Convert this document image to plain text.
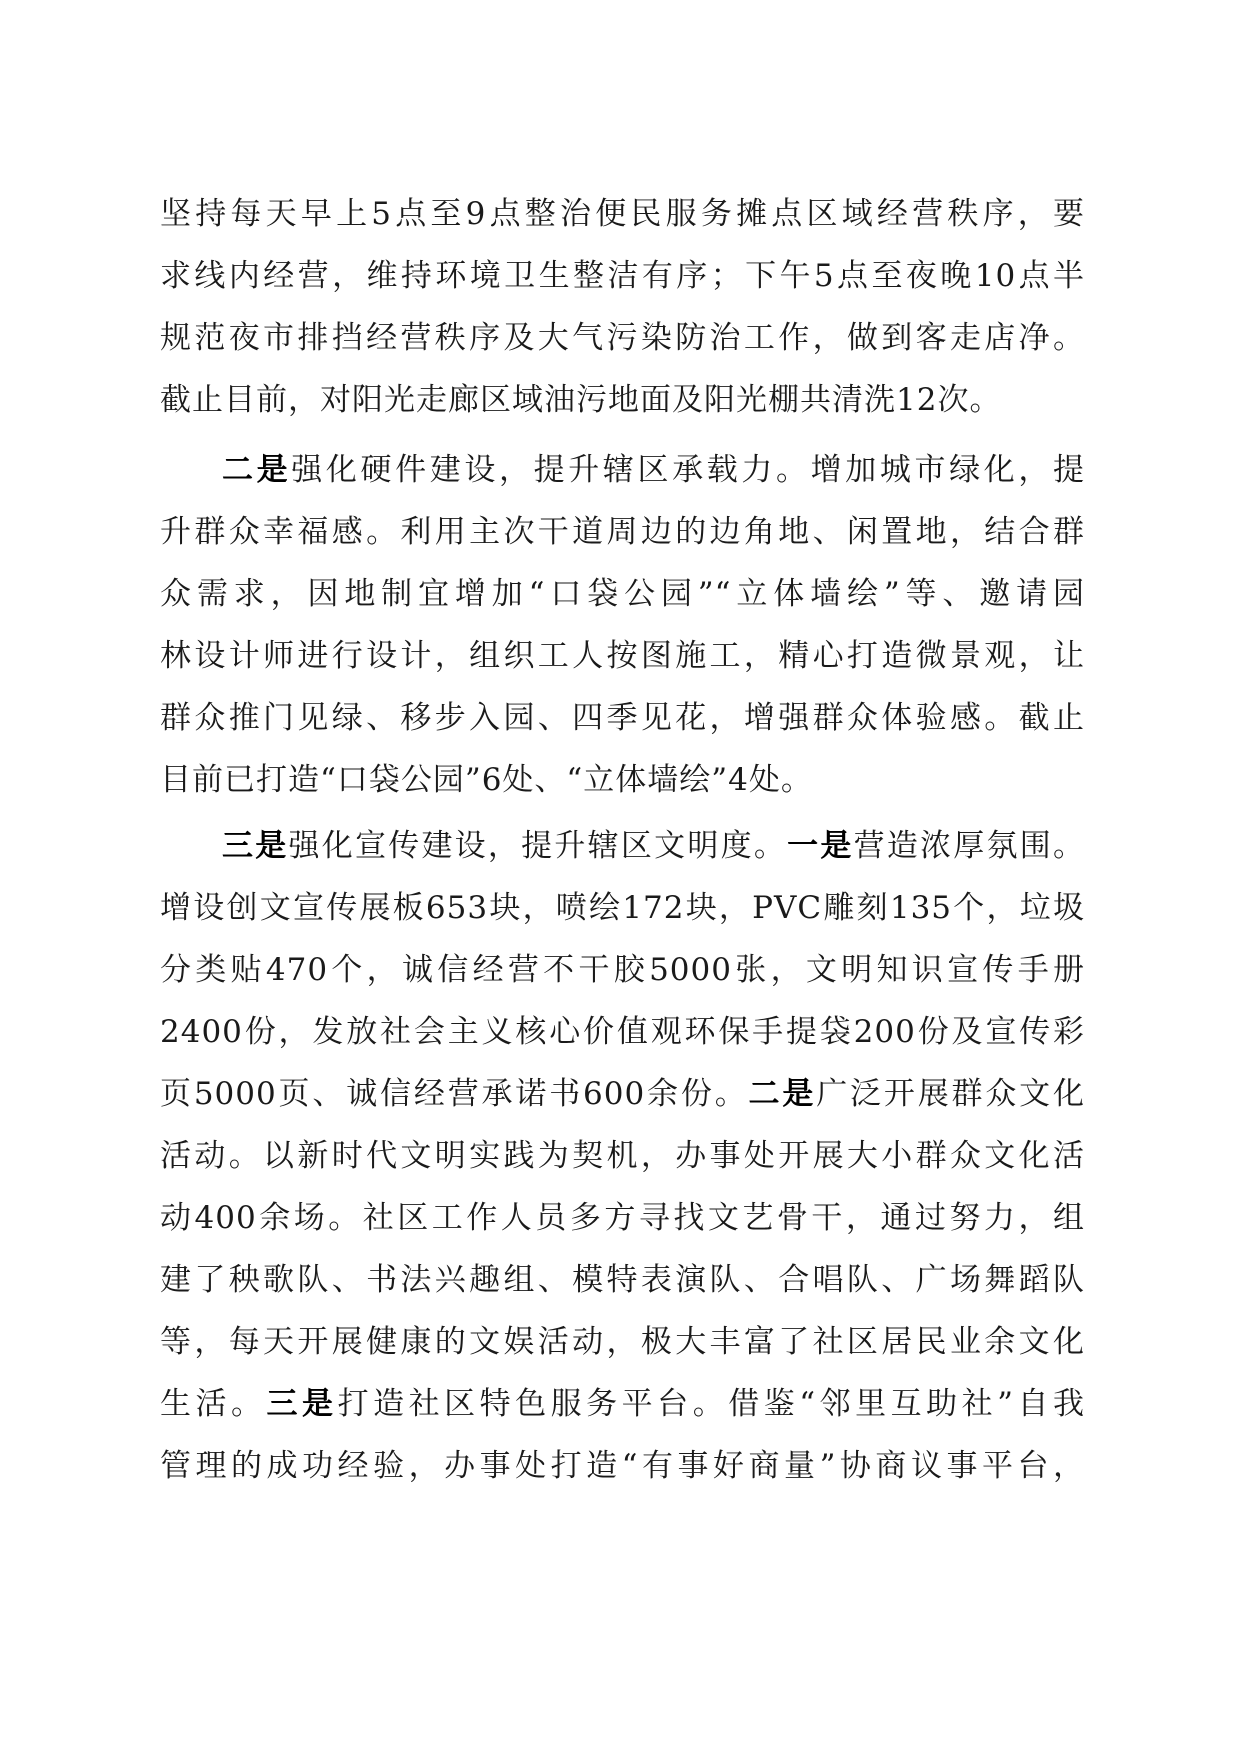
坚持每天早上5点至9点整治便民服务摊点区域经营秩序，要
求线内经营，维持环境卫生整洁有序；下午5点至夜晚10点半
规范夜市排挡经营秩序及大气污染防治工作，做到客走店净。
截止目前，对阳光走廊区域油污地面及阳光棚共清洗12次。
二是强化硬件建设，提升辖区承载力。增加城市绿化，提
升群众幸福感。利用主次干道周边的边角地、闲置地，结合群
众需求，因地制宜增加“口袋公园”“立体墙绘”等、邀请园
林设计师进行设计，组织工人按图施工，精心打造微景观，让
群众推门见绿、移步入园、四季见花，增强群众体验感。截止
目前已打造“口袋公园”6处、“立体墙绘”4处。
三是强化宣传建设，提升辖区文明度。一是营造浓厚氛围。
增设创文宣传展板653块，喷绘172块，PVC雕刻135个，垃圾
分类贴470个，诚信经营不干胶5000张，文明知识宣传手册
2400份，发放社会主义核心价值观环保手提袋200份及宣传彩
页5000页、诚信经营承诺书600余份。二是广泛开展群众文化
活动。以新时代文明实践为契机，办事处开展大小群众文化活
动400余场。社区工作人员多方寻找文艺骨干，通过努力，组
建了秧歌队、书法兴趣组、模特表演队、合唱队、广场舞蹈队
等，每天开展健康的文娱活动，极大丰富了社区居民业余文化
生活。三是打造社区特色服务平台。借鉴“邻里互助社”自我
管理的成功经验，办事处打造“有事好商量”协商议事平台，
